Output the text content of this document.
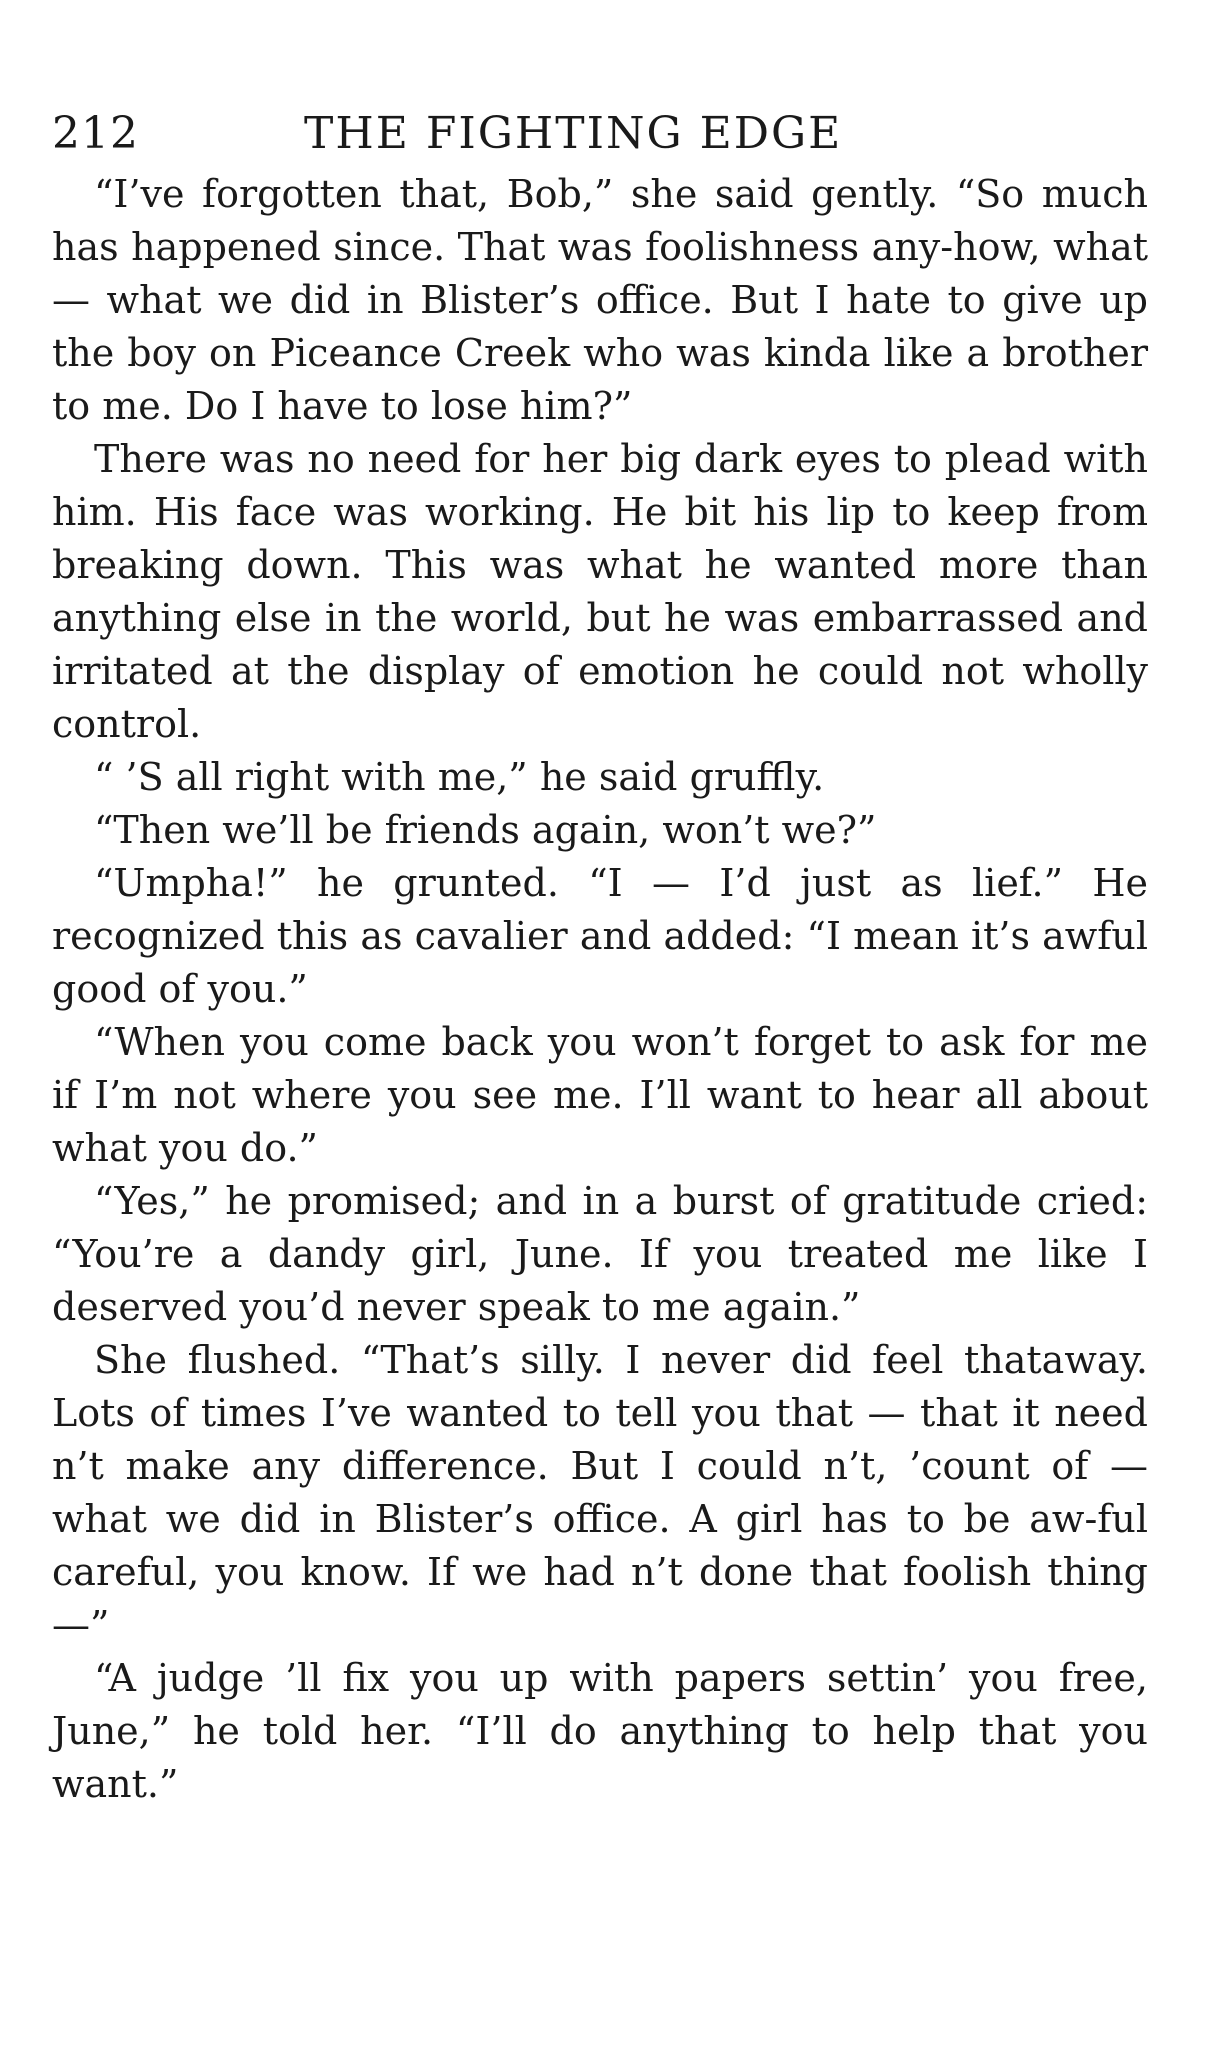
212	THE FIGHTING EDGE

“I’ve forgotten that, Bob,” she said gently. “So much has happened since. That was foolishness any-how, what — what we did in Blister’s office. But I hate to give up the boy on Piceance Creek who was kinda like a brother to me. Do I have to lose him?”

There was no need for her big dark eyes to plead with him. His face was working. He bit his lip to keep from breaking down. This was what he wanted more than anything else in the world, but he was embarrassed and irritated at the display of emotion he could not wholly control.

“ ’S all right with me,” he said gruffly.

“Then we’ll be friends again, won’t we?”

“Umpha!” he grunted. “I — I’d just as lief.” He recognized this as cavalier and added: “I mean it’s awful good of you.”

“When you come back you won’t forget to ask for me if I’m not where you see me. I’ll want to hear all about what you do.”

“Yes,” he promised; and in a burst of gratitude cried: “You’re a dandy girl, June. If you treated me like I deserved you’d never speak to me again.”

She flushed. “That’s silly. I never did feel thataway. Lots of times I’ve wanted to tell you that — that it need n’t make any difference. But I could n’t, ’count of — what we did in Blister’s office. A girl has to be aw-ful careful, you know. If we had n’t done that foolish thing —”

“A judge ’ll fix you up with papers settin’ you free, June,” he told her. “I’ll do anything to help that you want.”
